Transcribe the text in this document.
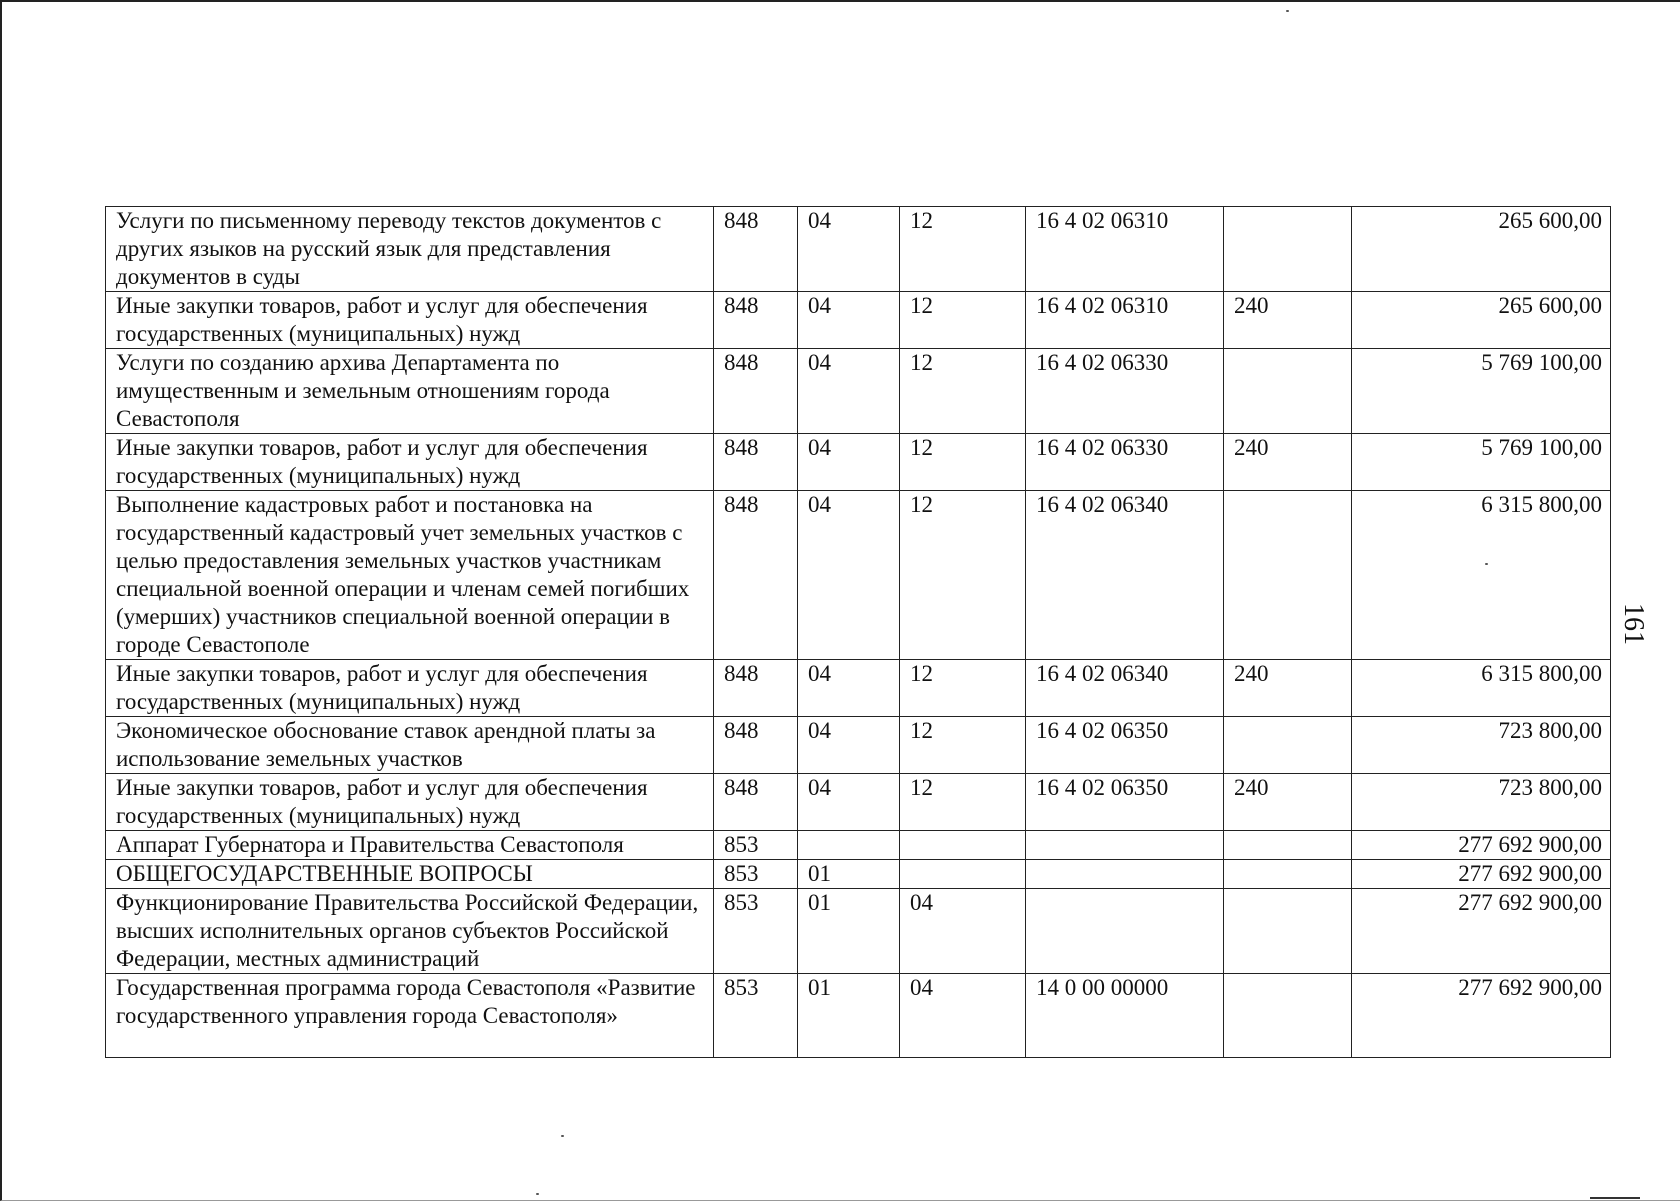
Услуги по письменному переводу текстов документов с других языков на русский язык для представления документов в суды	848	04	12	16 4 02 06310		265 600,00
Иные закупки товаров, работ и услуг для обеспечения государственных (муниципальных) нужд	848	04	12	16 4 02 06310	240	265 600,00
Услуги по созданию архива Департамента по имущественным и земельным отношениям города Севастополя	848	04	12	16 4 02 06330		5 769 100,00
Иные закупки товаров, работ и услуг для обеспечения государственных (муниципальных) нужд	848	04	12	16 4 02 06330	240	5 769 100,00
Выполнение кадастровых работ и постановка на государственный кадастровый учет земельных участков с целью предоставления земельных участков участникам специальной военной операции и членам семей погибших (умерших) участников специальной военной операции в городе Севастополе	848	04	12	16 4 02 06340		6 315 800,00
Иные закупки товаров, работ и услуг для обеспечения государственных (муниципальных) нужд	848	04	12	16 4 02 06340	240	6 315 800,00
Экономическое обоснование ставок арендной платы за использование земельных участков	848	04	12	16 4 02 06350		723 800,00
Иные закупки товаров, работ и услуг для обеспечения государственных (муниципальных) нужд	848	04	12	16 4 02 06350	240	723 800,00
Аппарат Губернатора и Правительства Севастополя	853					277 692 900,00
ОБЩЕГОСУДАРСТВЕННЫЕ ВОПРОСЫ	853	01				277 692 900,00
Функционирование Правительства Российской Федерации, высших исполнительных органов субъектов Российской Федерации, местных администраций	853	01	04			277 692 900,00
Государственная программа города Севастополя «Развитие государственного управления города Севастополя»	853	01	04	14 0 00 00000		277 692 900,00
161
